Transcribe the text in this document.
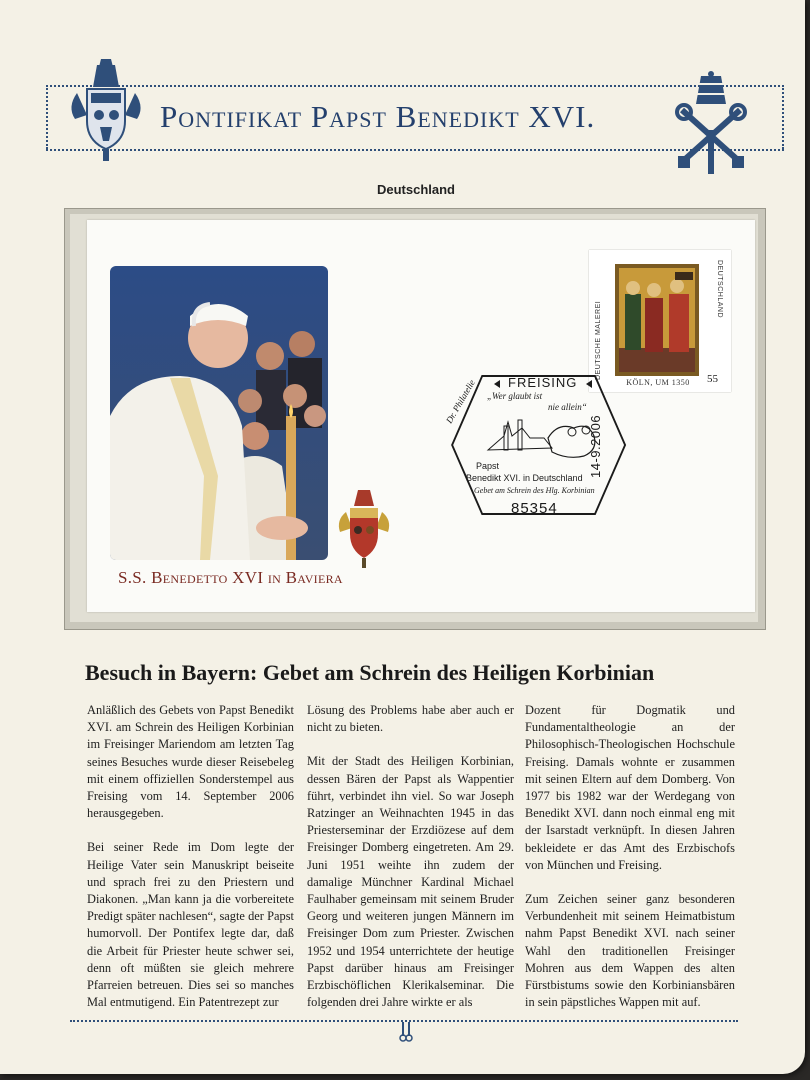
Pontifikat Papst Benedikt XVI.
Deutschland
S.S. Benedetto XVI in Baviera
DEUTSCHE MALEREI
DEUTSCHLAND
KÖLN, UM 1350	55
FREISING
„Wer glaubt ist
nie allein“
Dr. Philatelie
14-9.2006
Papst
Benedikt XVI. in Deutschland
Gebet am Schrein des Hlg. Korbinian
85354
Besuch in Bayern: Gebet am Schrein des Heiligen Korbinian

Anläßlich des Gebets von Papst Benedikt XVI. am Schrein des Heiligen Korbinian im Freisinger Mariendom am letzten Tag seines Besuches wurde dieser Reisebeleg mit einem offiziellen Sonderstempel aus Freising vom 14. September 2006 herausgegeben.

Bei seiner Rede im Dom legte der Heilige Vater sein Manuskript beiseite und sprach frei zu den Priestern und Diakonen. „Man kann ja die vorbereitete Predigt später nachlesen“, sagte der Papst humorvoll. Der Pontifex legte dar, daß die Arbeit für Priester heute schwer sei, denn oft müßten sie gleich mehrere Pfarreien betreuen. Dies sei so manches Mal entmutigend. Ein Patentrezept zur

Lösung des Problems habe aber auch er nicht zu bieten.

Mit der Stadt des Heiligen Korbinian, dessen Bären der Papst als Wappentier führt, verbindet ihn viel. So war Joseph Ratzinger an Weihnachten 1945 in das Priesterseminar der Erzdiözese auf dem Freisinger Domberg eingetreten. Am 29. Juni 1951 weihte ihn zudem der damalige Münchner Kardinal Michael Faulhaber gemeinsam mit seinem Bruder Georg und weiteren jungen Männern im Freisinger Dom zum Priester. Zwischen 1952 und 1954 unterrichtete der heutige Papst darüber hinaus am Freisinger Erzbischöflichen Klerikalseminar. Die folgenden drei Jahre wirkte er als

Dozent für Dogmatik und Fundamentaltheologie an der Philosophisch-Theologischen Hochschule Freising. Damals wohnte er zusammen mit seinen Eltern auf dem Domberg. Von 1977 bis 1982 war der Werdegang von Benedikt XVI. dann noch einmal eng mit der Isarstadt verknüpft. In diesen Jahren bekleidete er das Amt des Erzbischofs von München und Freising.

Zum Zeichen seiner ganz besonderen Verbundenheit mit seinem Heimatbistum nahm Papst Benedikt XVI. nach seiner Wahl den traditionellen Freisinger Mohren aus dem Wappen des alten Fürstbistums sowie den Korbiniansbären in sein päpstliches Wappen mit auf.
